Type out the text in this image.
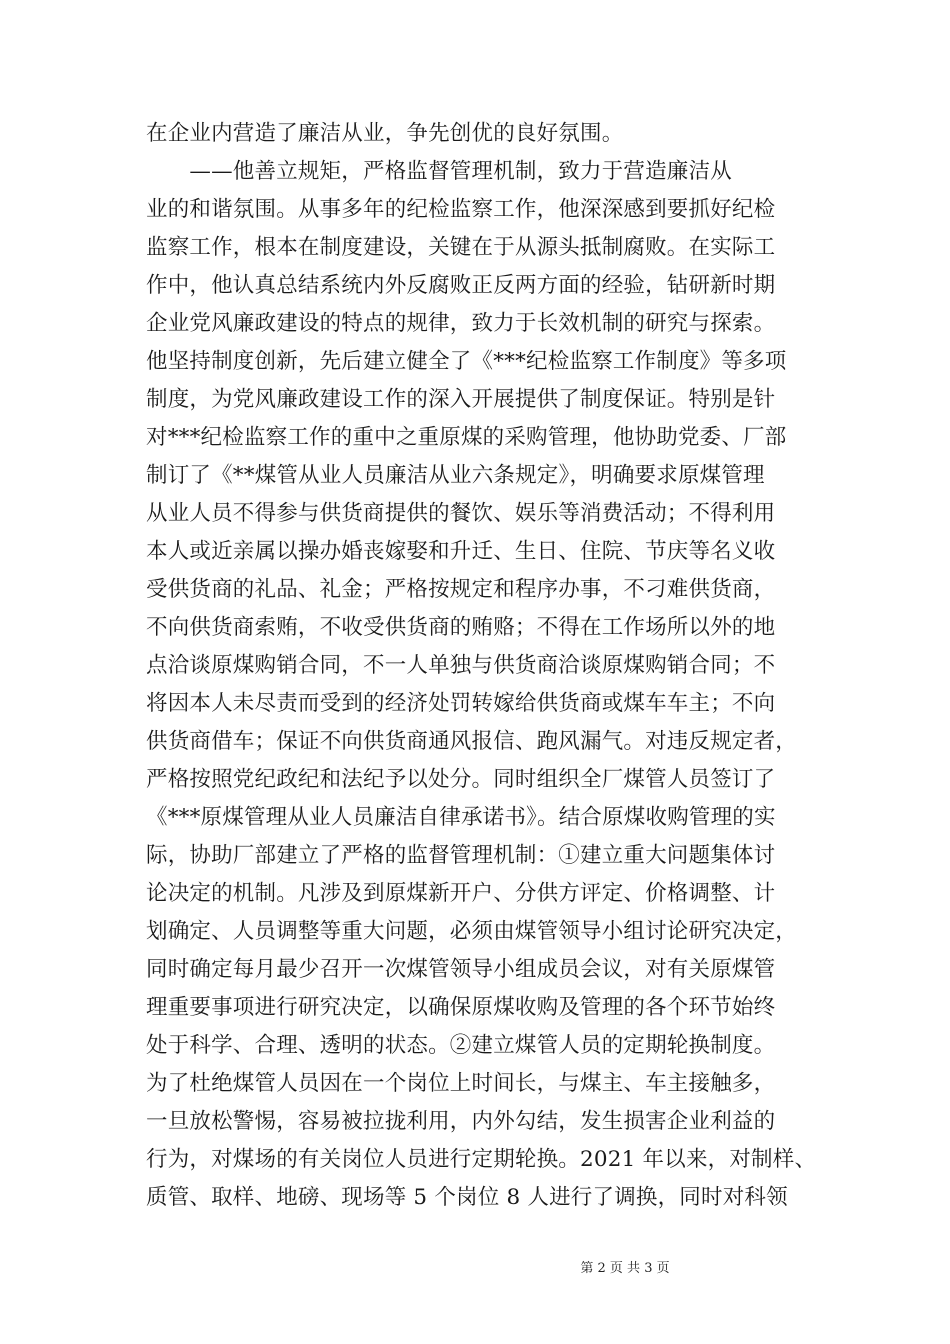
在企业内营造了廉洁从业，争先创优的良好氛围。
　　——他善立规矩，严格监督管理机制，致力于营造廉洁从
业的和谐氛围。从事多年的纪检监察工作，他深深感到要抓好纪检
监察工作，根本在制度建设，关键在于从源头抵制腐败。在实际工
作中，他认真总结系统内外反腐败正反两方面的经验，钻研新时期
企业党风廉政建设的特点的规律，致力于长效机制的研究与探索。
他坚持制度创新，先后建立健全了《***纪检监察工作制度》等多项
制度，为党风廉政建设工作的深入开展提供了制度保证。特别是针
对***纪检监察工作的重中之重原煤的采购管理，他协助党委、厂部
制订了《**煤管从业人员廉洁从业六条规定》，明确要求原煤管理
从业人员不得参与供货商提供的餐饮、娱乐等消费活动；不得利用
本人或近亲属以操办婚丧嫁娶和升迁、生日、住院、节庆等名义收
受供货商的礼品、礼金；严格按规定和程序办事，不刁难供货商，
不向供货商索贿，不收受供货商的贿赂；不得在工作场所以外的地
点洽谈原煤购销合同，不一人单独与供货商洽谈原煤购销合同；不
将因本人未尽责而受到的经济处罚转嫁给供货商或煤车车主；不向
供货商借车；保证不向供货商通风报信、跑风漏气。对违反规定者，
严格按照党纪政纪和法纪予以处分。同时组织全厂煤管人员签订了
《***原煤管理从业人员廉洁自律承诺书》。结合原煤收购管理的实
际，协助厂部建立了严格的监督管理机制：①建立重大问题集体讨
论决定的机制。凡涉及到原煤新开户、分供方评定、价格调整、计
划确定、人员调整等重大问题，必须由煤管领导小组讨论研究决定，
同时确定每月最少召开一次煤管领导小组成员会议，对有关原煤管
理重要事项进行研究决定，以确保原煤收购及管理的各个环节始终
处于科学、合理、透明的状态。②建立煤管人员的定期轮换制度。
为了杜绝煤管人员因在一个岗位上时间长，与煤主、车主接触多，
一旦放松警惕，容易被拉拢利用，内外勾结，发生损害企业利益的
行为，对煤场的有关岗位人员进行定期轮换。2021 年以来，对制样、
质管、取样、地磅、现场等 5 个岗位 8 人进行了调换，同时对科领
第 2 页 共 3 页
